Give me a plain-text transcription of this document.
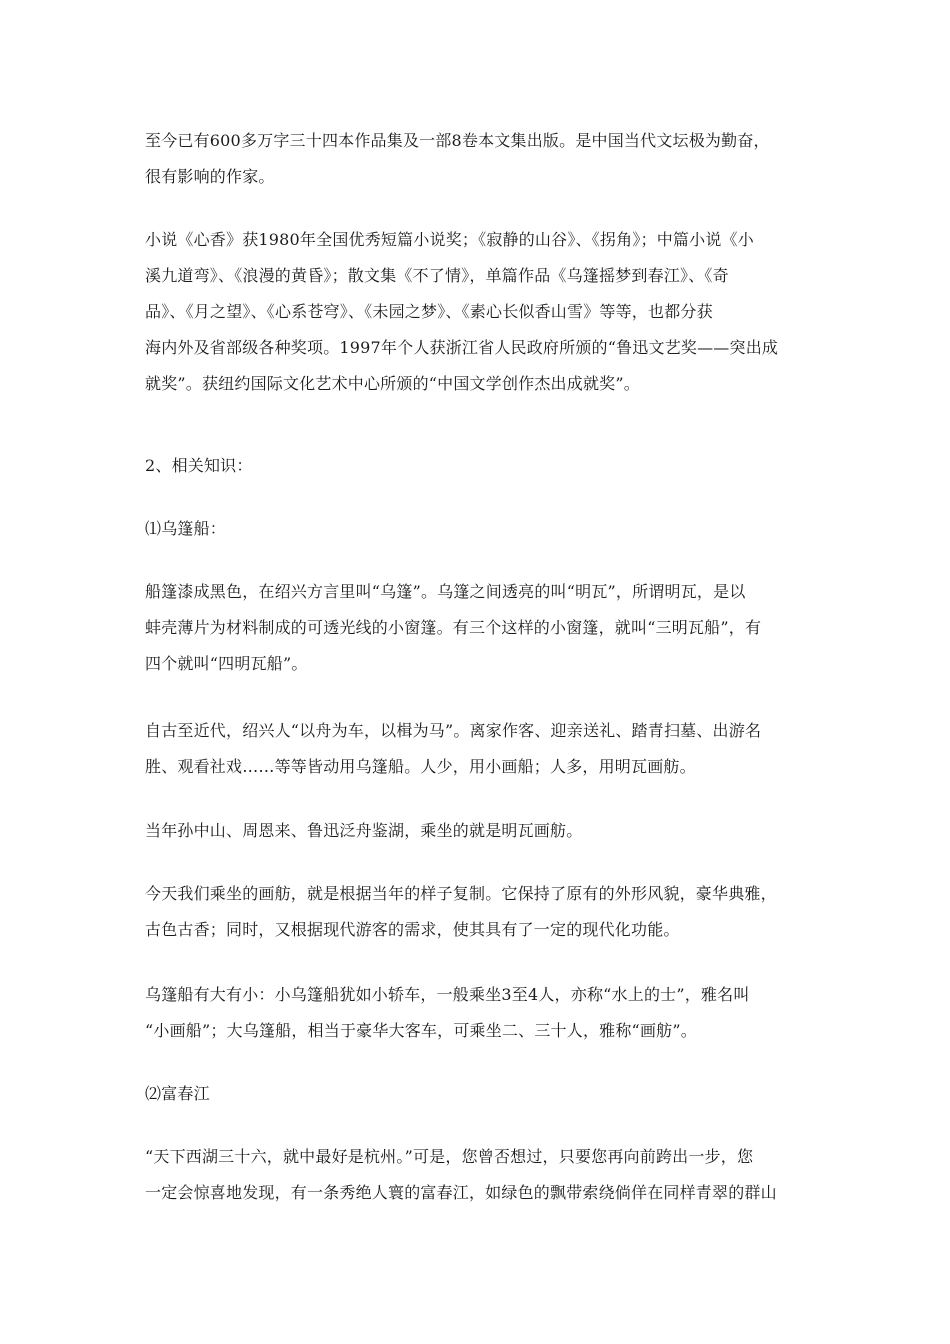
至今已有600多万字三十四本作品集及一部8卷本文集出版。是中国当代文坛极为勤奋，
很有影响的作家。

小说《心香》获1980年全国优秀短篇小说奖；《寂静的山谷》、《拐角》；中篇小说《小
溪九道弯》、《浪漫的黄昏》；散文集《不了情》，单篇作品《乌篷摇梦到春江》、《奇
品》、《月之望》、《心系苍穹》、《未园之梦》、《素心长似香山雪》等等，也都分获
海内外及省部级各种奖项。1997年个人获浙江省人民政府所颁的“鲁迅文艺奖——突出成
就奖”。获纽约国际文化艺术中心所颁的“中国文学创作杰出成就奖”。

2、相关知识：

⑴乌篷船：

船篷漆成黑色，在绍兴方言里叫“乌篷”。乌篷之间透亮的叫“明瓦”，所谓明瓦，是以
蚌壳薄片为材料制成的可透光线的小窗篷。有三个这样的小窗篷，就叫“三明瓦船”，有
四个就叫“四明瓦船”。

自古至近代，绍兴人“以舟为车，以楫为马”。离家作客、迎亲送礼、踏青扫墓、出游名
胜、观看社戏……等等皆动用乌篷船。人少，用小画船；人多，用明瓦画舫。

当年孙中山、周恩来、鲁迅泛舟鉴湖，乘坐的就是明瓦画舫。

今天我们乘坐的画舫，就是根据当年的样子复制。它保持了原有的外形风貌，豪华典雅，
古色古香；同时，又根据现代游客的需求，使其具有了一定的现代化功能。

乌篷船有大有小：小乌篷船犹如小轿车，一般乘坐3至4人，亦称“水上的士”，雅名叫
“小画船”；大乌篷船，相当于豪华大客车，可乘坐二、三十人，雅称“画舫”。

⑵富春江

“天下西湖三十六，就中最好是杭州。”可是，您曾否想过，只要您再向前跨出一步，您
一定会惊喜地发现，有一条秀绝人寰的富春江，如绿色的飘带索绕倘佯在同样青翠的群山
